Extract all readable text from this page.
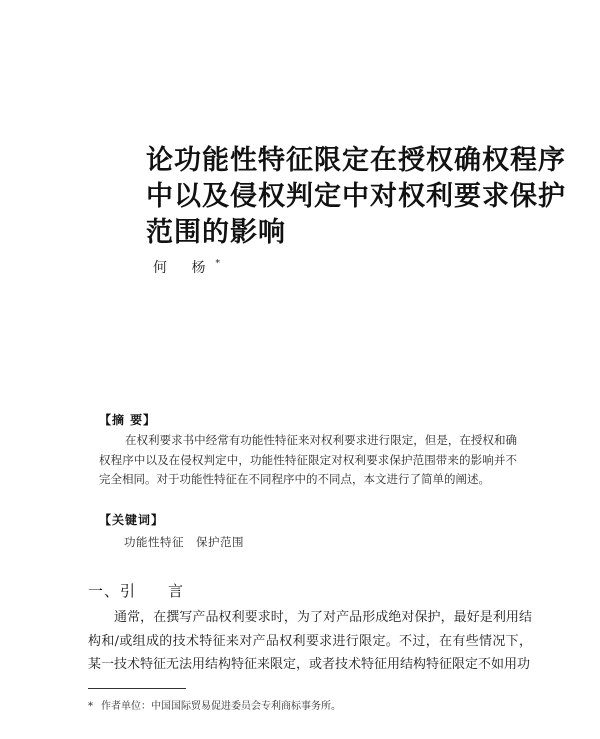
论功能性特征限定在授权确权程序
中以及侵权判定中对权利要求保护
范围的影响
何 杨*
【摘 要】

在权利要求书中经常有功能性特征来对权利要求进行限定，但是，在授权和确权程序中以及在侵权判定中，功能性特征限定对权利要求保护范围带来的影响并不完全相同。对于功能性特征在不同程序中的不同点，本文进行了简单的阐述。

【关键词】
功能性特征 保护范围
一、引 言

通常，在撰写产品权利要求时，为了对产品形成绝对保护，最好是利用结构和/或组成的技术特征来对产品权利要求进行限定。不过，在有些情况下，某一技术特征无法用结构特征来限定，或者技术特征用结构特征限定不如用功

* 作者单位：中国国际贸易促进委员会专利商标事务所。
